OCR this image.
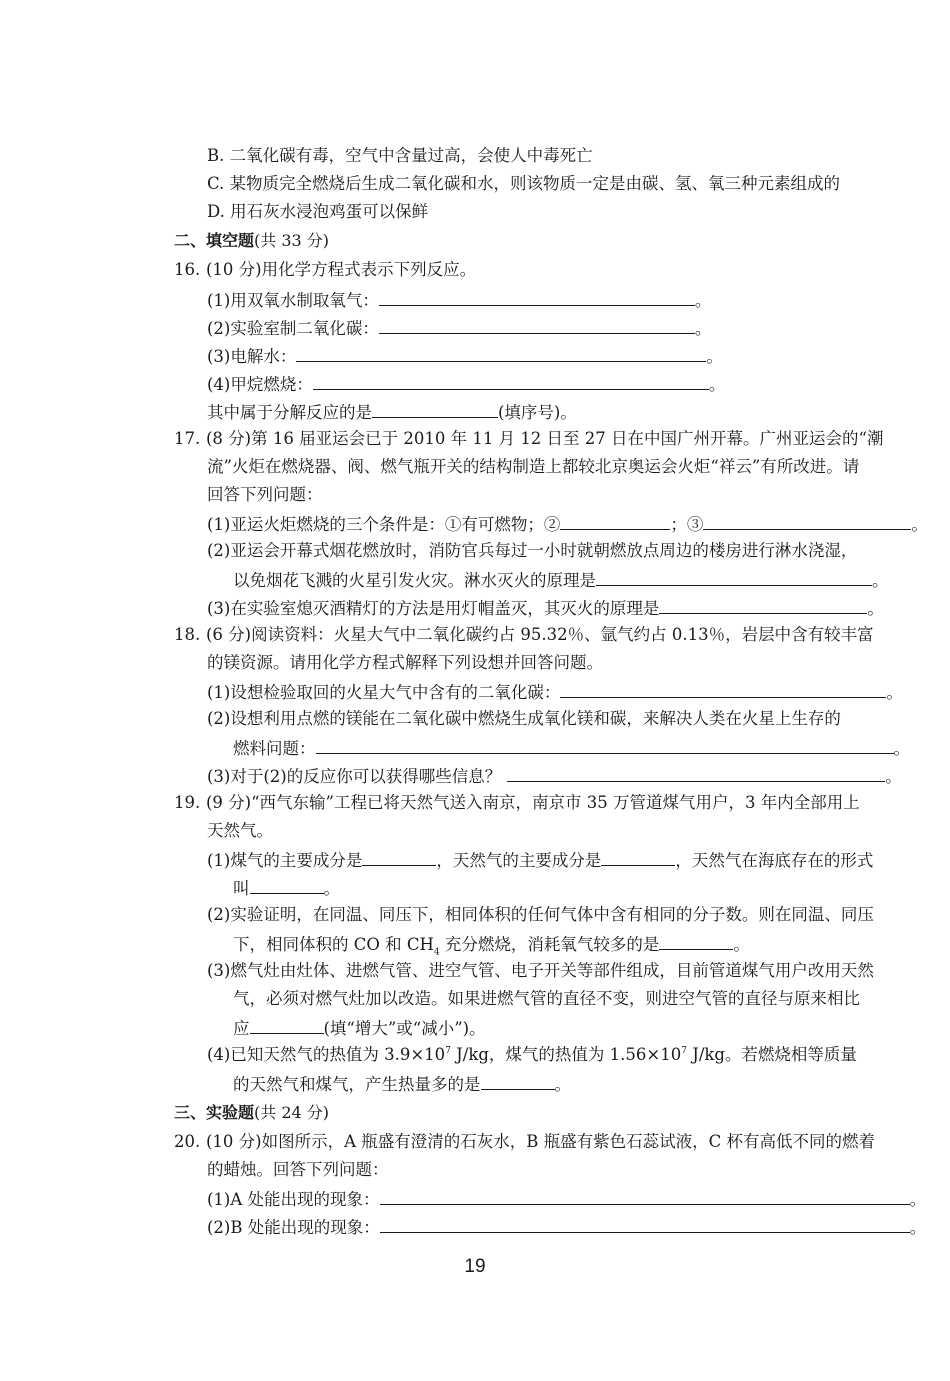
B. 二氧化碳有毒，空气中含量过高，会使人中毒死亡
C. 某物质完全燃烧后生成二氧化碳和水，则该物质一定是由碳、氢、氧三种元素组成的
D. 用石灰水浸泡鸡蛋可以保鲜
二、填空题(共 33 分)
16. (10 分)用化学方程式表示下列反应。
(1)用双氧水制取氧气：	。
(2)实验室制二氧化碳：	。
(3)电解水：	。
(4)甲烷燃烧：	。
其中属于分解反应的是	(填序号)。
17. (8 分)第 16 届亚运会已于 2010 年 11 月 12 日至 27 日在中国广州开幕。广州亚运会的“潮
流”火炬在燃烧器、阀、燃气瓶开关的结构制造上都较北京奥运会火炬“祥云”有所改进。请
回答下列问题：
(1)亚运火炬燃烧的三个条件是：①有可燃物；②	；③	。
(2)亚运会开幕式烟花燃放时，消防官兵每过一小时就朝燃放点周边的楼房进行淋水浇湿，
以免烟花飞溅的火星引发火灾。淋水灭火的原理是	。
(3)在实验室熄灭酒精灯的方法是用灯帽盖灭，其灭火的原理是	。
18. (6 分)阅读资料：火星大气中二氧化碳约占 95.32％、氩气约占 0.13％，岩层中含有较丰富
的镁资源。请用化学方程式解释下列设想并回答问题。
(1)设想检验取回的火星大气中含有的二氧化碳：	。
(2)设想利用点燃的镁能在二氧化碳中燃烧生成氧化镁和碳，来解决人类在火星上生存的
燃料问题：	。
(3)对于(2)的反应你可以获得哪些信息？	。
19. (9 分)“西气东输”工程已将天然气送入南京，南京市 35 万管道煤气用户，3 年内全部用上
天然气。
(1)煤气的主要成分是	，天然气的主要成分是	，天然气在海底存在的形式
叫	。
(2)实验证明，在同温、同压下，相同体积的任何气体中含有相同的分子数。则在同温、同压
下，相同体积的 CO 和 $CH_4$ 充分燃烧，消耗氧气较多的是	。
(3)燃气灶由灶体、进燃气管、进空气管、电子开关等部件组成，目前管道煤气用户改用天然
气，必须对燃气灶加以改造。如果进燃气管的直径不变，则进空气管的直径与原来相比
应	(填“增大”或“减小”)。
(4)已知天然气的热值为 $3.9\times 10^7$ J/kg，煤气的热值为 $1.56\times 10^7$ J/kg。若燃烧相等质量
的天然气和煤气，产生热量多的是	。
三、实验题(共 24 分)
20. (10 分)如图所示，A 瓶盛有澄清的石灰水，B 瓶盛有紫色石蕊试液，C 杯有高低不同的燃着
的蜡烛。回答下列问题：
(1)A 处能出现的现象：	。
(2)B 处能出现的现象：	。
19
